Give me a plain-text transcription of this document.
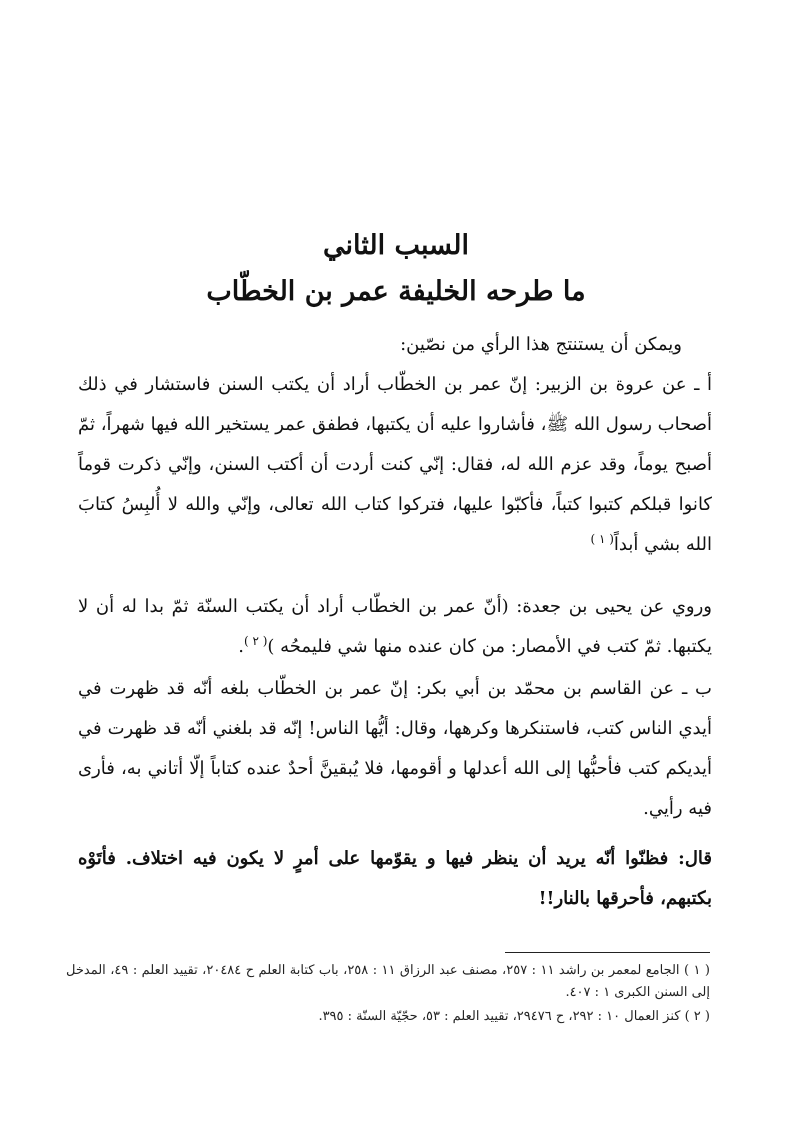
السبب الثاني
ما طرحه الخليفة عمر بن الخطّاب

ويمكن أن يستنتج هذا الرأي من نصّين:

أ ـ عن عروة بن الزبير: إنّ عمر بن الخطّاب أراد أن يكتب السنن فاستشار في ذلك أصحاب رسول الله ﷺ، فأشاروا عليه أن يكتبها، فطفق عمر يستخير الله فيها شهراً، ثمّ أصبح يوماً، وقد عزم الله له، فقال: إنّي كنت أردت أن أكتب السنن، وإنّي ذكرت قوماً كانوا قبلكم كتبوا كتباً، فأكبّوا عليها، فتركوا كتاب الله تعالى، وإنّي والله لا أُلبِسُ كتابَ الله بشي أبداً$^{( ١ )}$

وروي عن يحيى بن جعدة: (أنّ عمر بن الخطّاب أراد أن يكتب السنّة ثمّ بدا له أن لا يكتبها. ثمّ كتب في الأمصار: من كان عنده منها شي فليمحُه )$^{( ٢ )}$.

ب ـ عن القاسم بن محمّد بن أبي بكر: إنّ عمر بن الخطّاب بلغه أنّه قد ظهرت في أيدي الناس كتب، فاستنكرها وكرهها، وقال: أيُّها الناس! إنّه قد بلغني أنّه قد ظهرت في أيديكم كتب فأحبُّها إلى الله أعدلها و أقومها، فلا يُبقينَّ أحدٌ عنده كتاباً إلّا أتاني به، فأرى فيه رأيي.

قال: فظنّوا أنّه يريد أن ينظر فيها و يقوّمها على أمرٍ لا يكون فيه اختلاف. فأتَوْه بكتبهم، فأحرقها بالنار!!

( ١ ) الجامع لمعمر بن راشد ١١ : ٢٥٧، مصنف عبد الرزاق ١١ : ٢٥٨، باب كتابة العلم ح ٢٠٤٨٤، تقييد العلم : ٤٩، المدخل إلى السنن الكبرى ١ : ٤٠٧.

( ٢ ) كنز العمال ١٠ : ٢٩٢، ح ٢٩٤٧٦، تقييد العلم : ٥٣، حجّيّة السنّة : ٣٩٥.
